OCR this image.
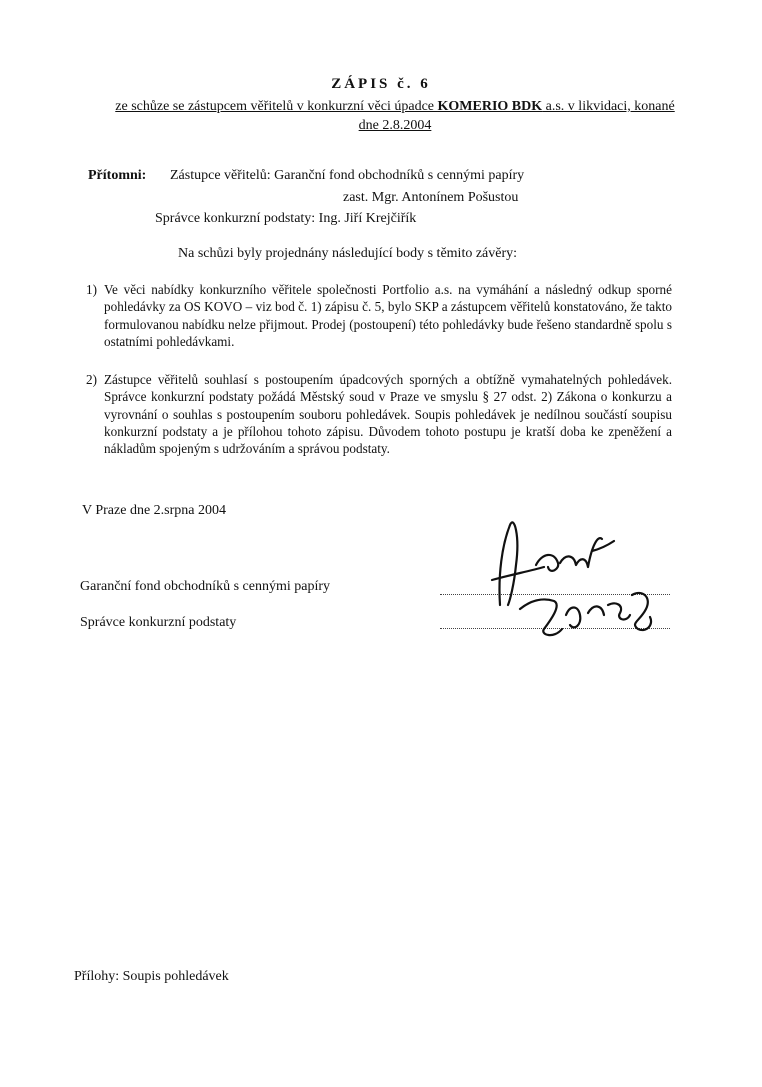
ZÁPIS č. 6
ze schůze se zástupcem věřitelů v konkurzní věci úpadce KOMERIO BDK a.s. v likvidaci, konané dne 2.8.2004
Přítomni: Zástupce věřitelů: Garanční fond obchodníků s cennými papíry
zast. Mgr. Antonínem Pošustou
Správce konkurzní podstaty: Ing. Jiří Krejčiřík
Na schůzi byly projednány následující body s těmito závěry:
1) Ve věci nabídky konkurzního věřitele společnosti Portfolio a.s. na vymáhání a následný odkup sporné pohledávky za OS KOVO – viz bod č. 1) zápisu č. 5, bylo SKP a zástupcem věřitelů konstatováno, že takto formulovanou nabídku nelze přijmout. Prodej (postoupení) této pohledávky bude řešeno standardně spolu s ostatními pohledávkami.
2) Zástupce věřitelů souhlasí s postoupením úpadcových sporných a obtížně vymahatelných pohledávek. Správce konkurzní podstaty požádá Městský soud v Praze ve smyslu § 27 odst. 2) Zákona o konkurzu a vyrovnání o souhlas s postoupením souboru pohledávek. Soupis pohledávek je nedílnou součástí soupisu konkurzní podstaty a je přílohou tohoto zápisu. Důvodem tohoto postupu je kratší doba ke zpeněžení a nákladům spojeným s udržováním a správou podstaty.
V Praze dne 2.srpna 2004
Garanční fond obchodníků s cennými papíry
Správce konkurzní podstaty
Přílohy: Soupis pohledávek
